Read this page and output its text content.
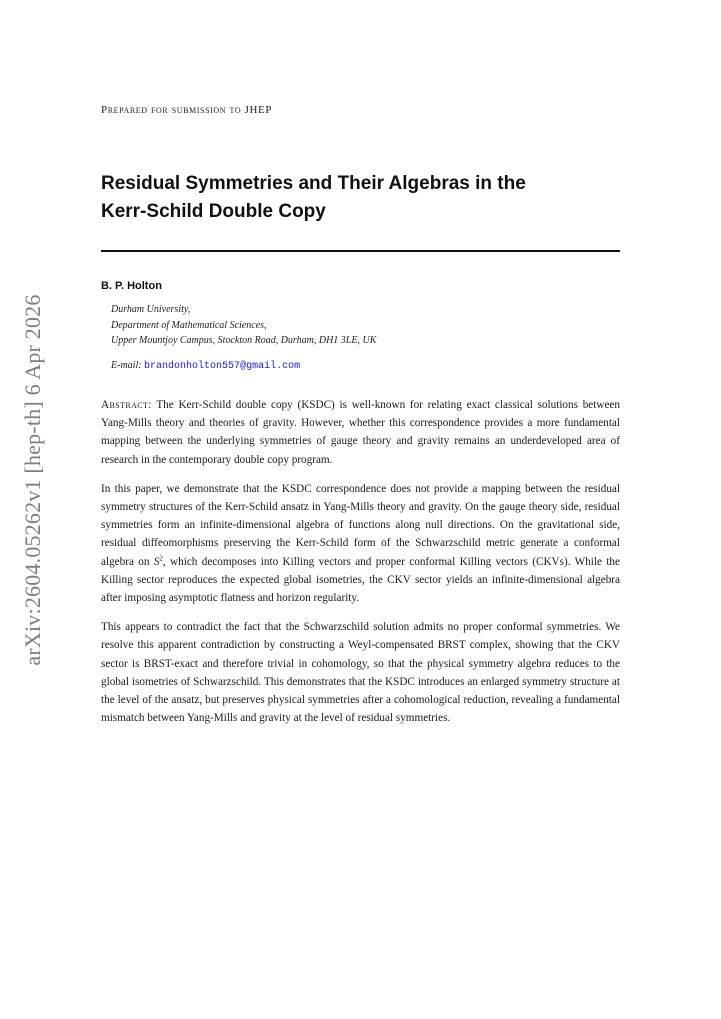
arXiv:2604.05262v1 [hep-th] 6 Apr 2026
Prepared for submission to JHEP
Residual Symmetries and Their Algebras in the
Kerr-Schild Double Copy
B. P. Holton
Durham University,
Department of Mathematical Sciences,
Upper Mountjoy Campus, Stockton Road, Durham, DH1 3LE, UK
E-mail: brandonholton557@gmail.com

Abstract: The Kerr-Schild double copy (KSDC) is well-known for relating exact classical solutions between Yang-Mills theory and theories of gravity. However, whether this correspondence provides a more fundamental mapping between the underlying symmetries of gauge theory and gravity remains an underdeveloped area of research in the contemporary double copy program.

In this paper, we demonstrate that the KSDC correspondence does not provide a mapping between the residual symmetry structures of the Kerr-Schild ansatz in Yang-Mills theory and gravity. On the gauge theory side, residual symmetries form an infinite-dimensional algebra of functions along null directions. On the gravitational side, residual diffeomorphisms preserving the Kerr-Schild form of the Schwarzschild metric generate a conformal algebra on $S^2$, which decomposes into Killing vectors and proper conformal Killing vectors (CKVs). While the Killing sector reproduces the expected global isometries, the CKV sector yields an infinite-dimensional algebra after imposing asymptotic flatness and horizon regularity.

This appears to contradict the fact that the Schwarzschild solution admits no proper conformal symmetries. We resolve this apparent contradiction by constructing a Weyl-compensated BRST complex, showing that the CKV sector is BRST-exact and therefore trivial in cohomology, so that the physical symmetry algebra reduces to the global isometries of Schwarzschild. This demonstrates that the KSDC introduces an enlarged symmetry structure at the level of the ansatz, but preserves physical symmetries after a cohomological reduction, revealing a fundamental mismatch between Yang-Mills and gravity at the level of residual symmetries.
